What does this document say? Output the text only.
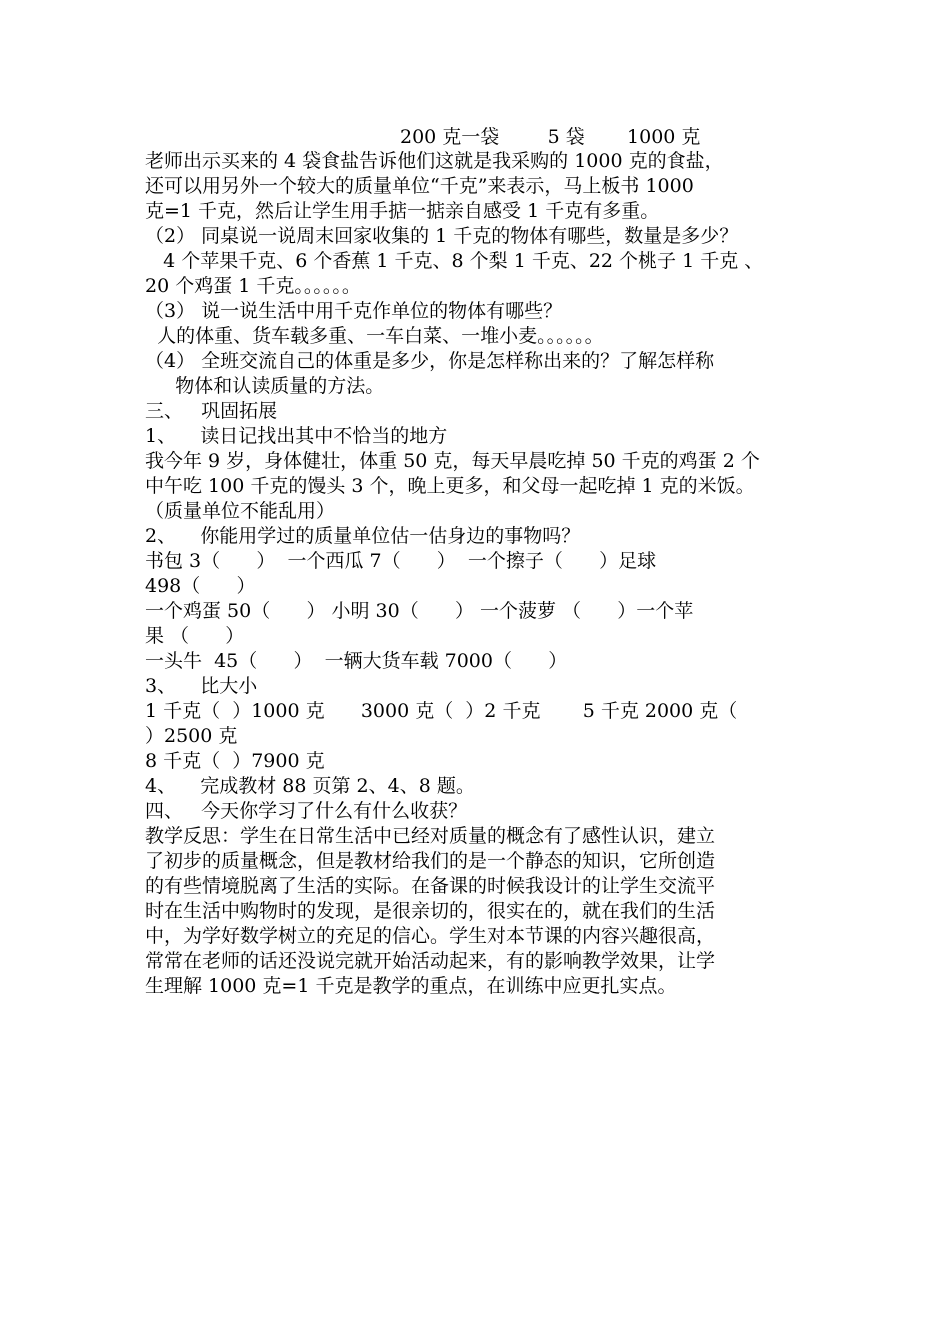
200 克一袋        5 袋       1000 克
老师出示买来的 4 袋食盐告诉他们这就是我采购的 1000 克的食盐，
还可以用另外一个较大的质量单位“千克”来表示，马上板书 1000
克=1 千克，然后让学生用手掂一掂亲自感受 1 千克有多重。
（2） 同桌说一说周末回家收集的 1 千克的物体有哪些，数量是多少？
4 个苹果千克、6 个香蕉 1 千克、8 个梨 1 千克、22 个桃子 1 千克 、
20 个鸡蛋 1 千克。。。。。。
（3） 说一说生活中用千克作单位的物体有哪些？
人的体重、货车载多重、一车白菜、一堆小麦。。。。。。
（4） 全班交流自己的体重是多少，你是怎样称出来的？了解怎样称
物体和认读质量的方法。
三、   巩固拓展
1、    读日记找出其中不恰当的地方
我今年 9 岁，身体健壮，体重 50 克，每天早晨吃掉 50 千克的鸡蛋 2 个
中午吃 100 千克的馒头 3 个，晚上更多，和父母一起吃掉 1 克的米饭。
（质量单位不能乱用）
2、    你能用学过的质量单位估一估身边的事物吗？
书包 3（      ）  一个西瓜 7（      ）  一个擦子（      ）足球
498（      ）
一个鸡蛋 50（      ） 小明 30（      ） 一个菠萝 （      ）一个苹
果 （      ）
一头牛  45（      ）  一辆大货车载 7000（      ）
3、    比大小
1 千克（  ）1000 克      3000 克（  ）2 千克       5 千克 2000 克（
）2500 克
8 千克（  ）7900 克
4、    完成教材 88 页第 2、4、8 题。
四、   今天你学习了什么有什么收获？
教学反思：学生在日常生活中已经对质量的概念有了感性认识，建立
了初步的质量概念，但是教材给我们的是一个静态的知识，它所创造
的有些情境脱离了生活的实际。在备课的时候我设计的让学生交流平
时在生活中购物时的发现，是很亲切的，很实在的，就在我们的生活
中，为学好数学树立的充足的信心。学生对本节课的内容兴趣很高，
常常在老师的话还没说完就开始活动起来，有的影响教学效果，让学
生理解 1000 克=1 千克是教学的重点，在训练中应更扎实点。
